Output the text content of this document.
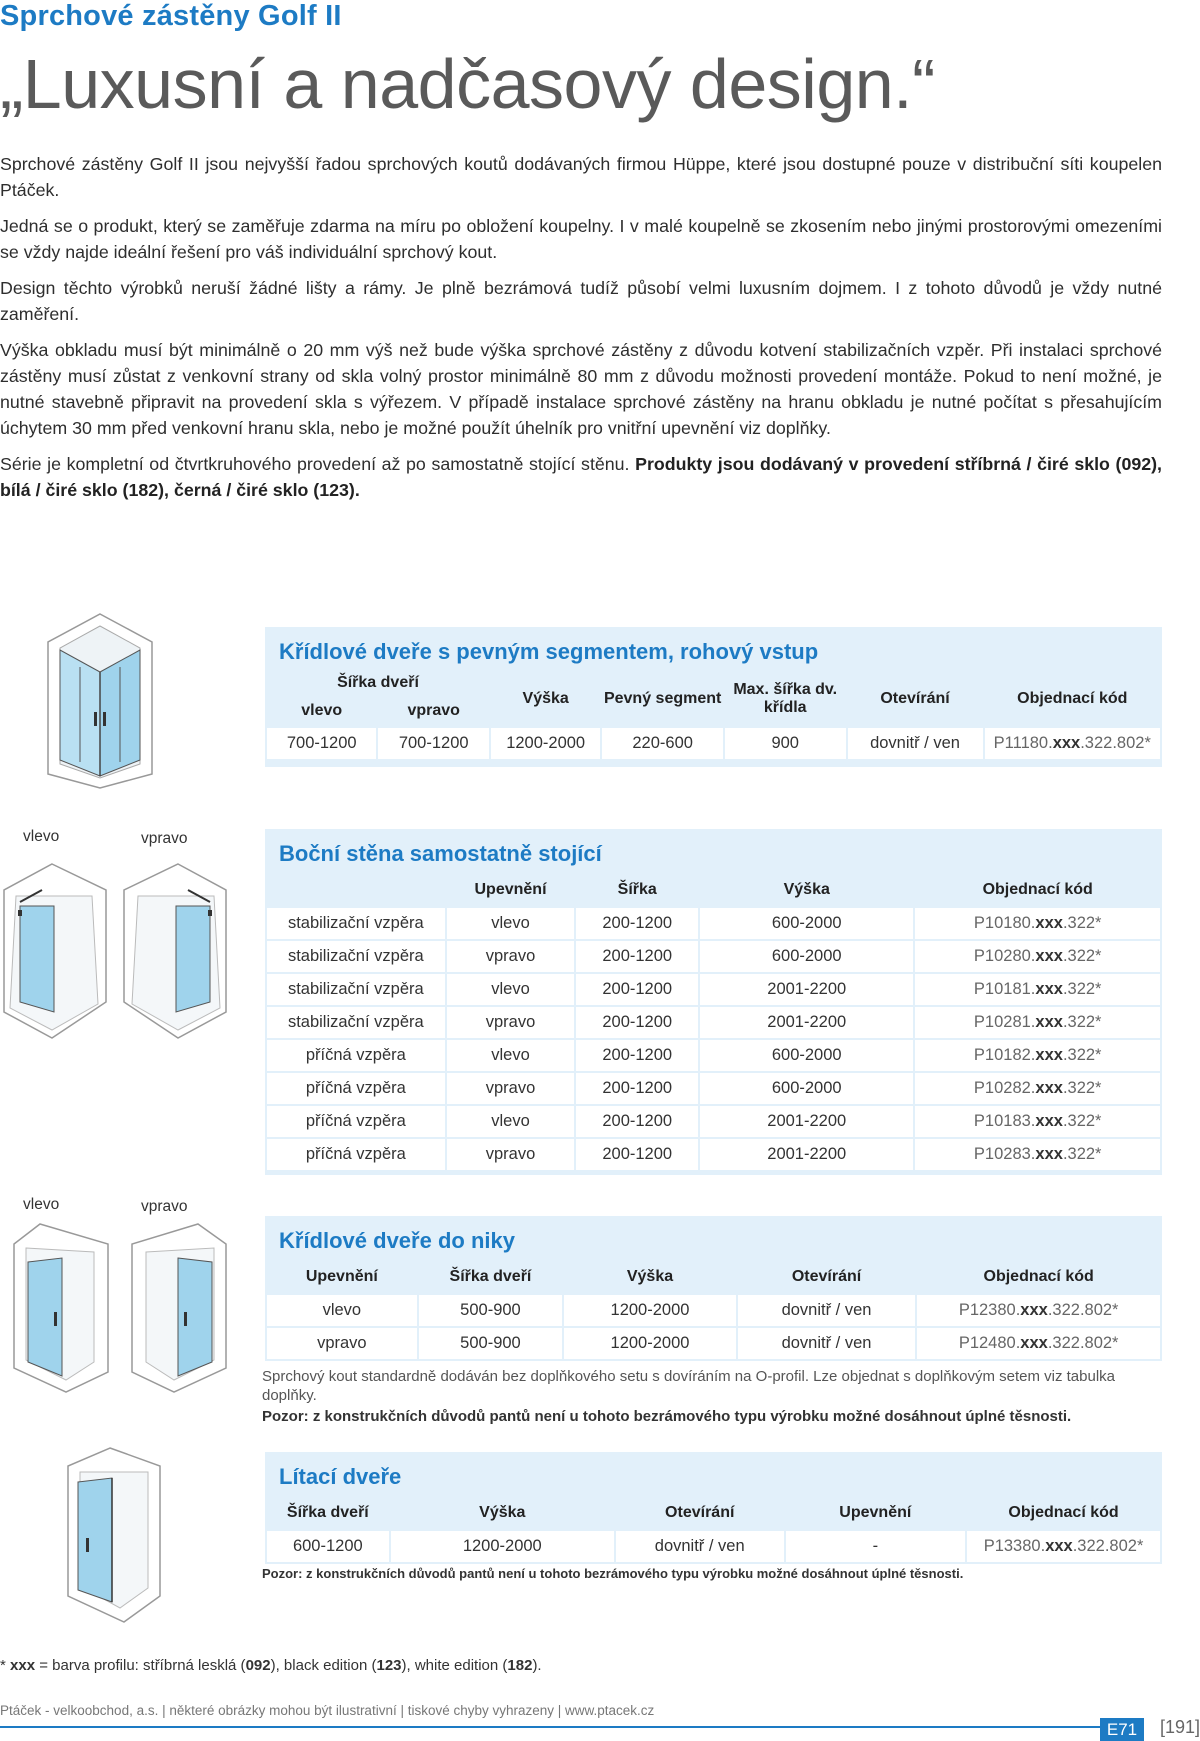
Sprchové zástěny Golf II
„Luxusní a nadčasový design.“

Sprchové zástěny Golf II jsou nejvyšší řadou sprchových koutů dodávaných firmou Hüppe, které jsou dostupné pouze v distribuční síti koupelen Ptáček.

Jedná se o produkt, který se zaměřuje zdarma na míru po obložení koupelny. I v malé koupelně se zkosením nebo jinými prostorovými omezeními se vždy najde ideální řešení pro váš individuální sprchový kout.

Design těchto výrobků neruší žádné lišty a rámy. Je plně bezrámová tudíž působí velmi luxusním dojmem. I z tohoto důvodů je vždy nutné zaměření.

Výška obkladu musí být minimálně o 20 mm výš než bude výška sprchové zástěny z důvodu kotvení stabilizačních vzpěr. Při instalaci sprchové zástěny musí zůstat z venkovní strany od skla volný prostor minimálně 80 mm z důvodu možnosti provedení montáže. Pokud to není možné, je nutné stavebně připravit na provedení skla s výřezem. V případě instalace sprchové zástěny na hranu obkladu je nutné počítat s přesahujícím úchytem 30 mm před venkovní hranu skla, nebo je možné použít úhelník pro vnitřní upevnění viz doplňky.

Série je kompletní od čtvrtkruhového provedení až po samostatně stojící stěnu. Produkty jsou dodávaný v provedení stříbrná / čiré sklo (092), bílá / čiré sklo (182), černá / čiré sklo (123).

Křídlové dveře s pevným segmentem, rohový vstup
Šířka dveří		Výška	Pevný segment	Max. šířka dv. křídla	Otevírání	Objednací kód
vlevo	vpravo					
700-1200	700-1200	1200-2000	220-600	900	dovnitř / ven	P11180.xxx.322.802*
vlevo	vpravo
Boční stěna samostatně stojící
	Upevnění	Šířka	Výška	Objednací kód
stabilizační vzpěra	vlevo	200-1200	600-2000	P10180.xxx.322*
stabilizační vzpěra	vpravo	200-1200	600-2000	P10280.xxx.322*
stabilizační vzpěra	vlevo	200-1200	2001-2200	P10181.xxx.322*
stabilizační vzpěra	vpravo	200-1200	2001-2200	P10281.xxx.322*
příčná vzpěra	vlevo	200-1200	600-2000	P10182.xxx.322*
příčná vzpěra	vpravo	200-1200	600-2000	P10282.xxx.322*
příčná vzpěra	vlevo	200-1200	2001-2200	P10183.xxx.322*
příčná vzpěra	vpravo	200-1200	2001-2200	P10283.xxx.322*
vlevo	vpravo
Křídlové dveře do niky
Upevnění	Šířka dveří	Výška	Otevírání	Objednací kód
vlevo	500-900	1200-2000	dovnitř / ven	P12380.xxx.322.802*
vpravo	500-900	1200-2000	dovnitř / ven	P12480.xxx.322.802*
Sprchový kout standardně dodáván bez doplňkového setu s dovíráním na O-profil. Lze objednat s doplňkovým setem viz tabulka doplňky.
Pozor: z konstrukčních důvodů pantů není u tohoto bezrámového typu výrobku možné dosáhnout úplné těsnosti.
Lítací dveře
Šířka dveří	Výška	Otevírání	Upevnění	Objednací kód
600-1200	1200-2000	dovnitř / ven	-	P13380.xxx.322.802*
Pozor: z konstrukčních důvodů pantů není u tohoto bezrámového typu výrobku možné dosáhnout úplné těsnosti.
* xxx = barva profilu: stříbrná lesklá (092), black edition (123), white edition (182).
Ptáček - velkoobchod, a.s. | některé obrázky mohou být ilustrativní | tiskové chyby vyhrazeny | www.ptacek.cz
E71	[191]
